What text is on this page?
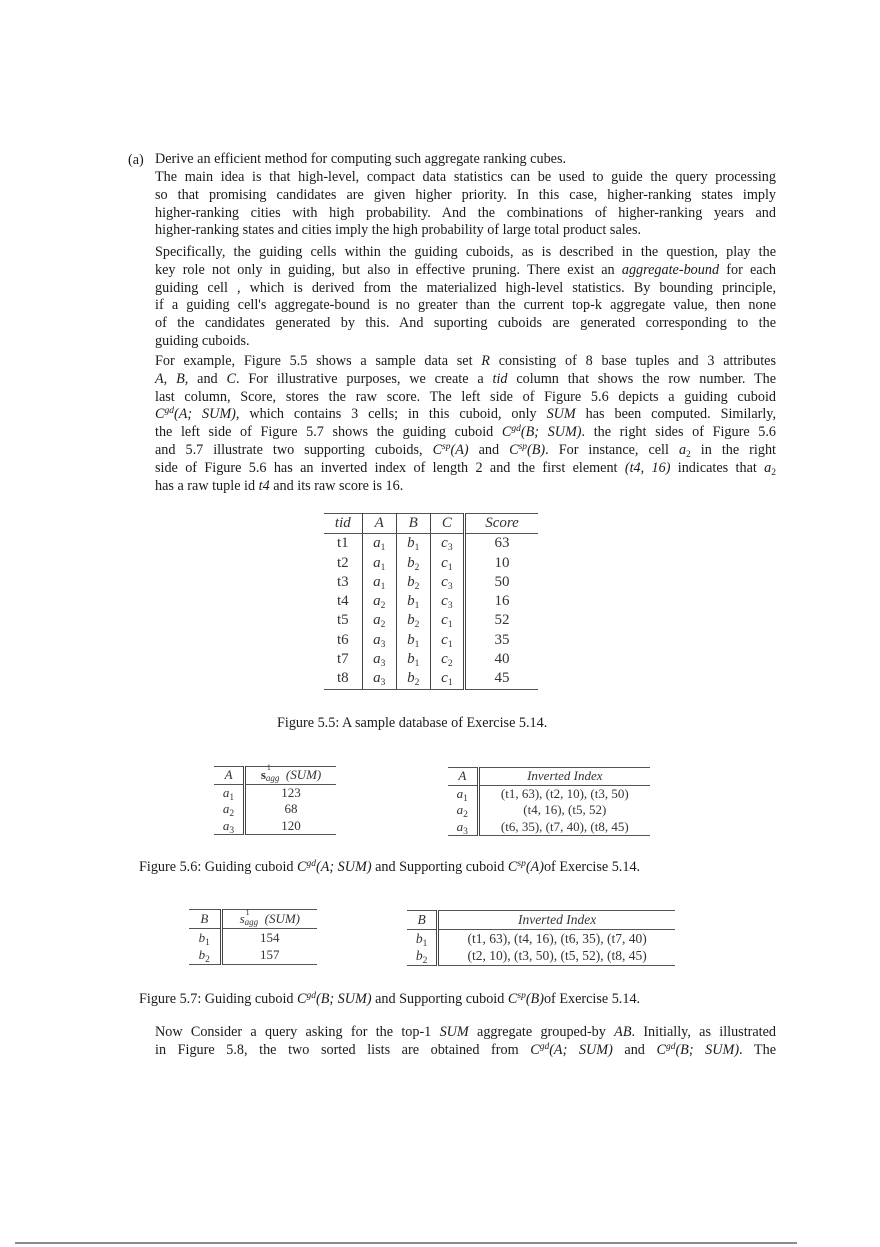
(a) Derive an efficient method for computing such aggregate ranking cubes.
The main idea is that high-level, compact data statistics can be used to guide the query processing
so that promising candidates are given higher priority. In this case, higher-ranking states imply
higher-ranking cities with high probability. And the combinations of higher-ranking years and
higher-ranking states and cities imply the high probability of large total product sales.
Specifically, the guiding cells within the guiding cuboids, as is described in the question, play the
key role not only in guiding, but also in effective pruning. There exist an aggregate-bound for each
guiding cell , which is derived from the materialized high-level statistics. By bounding principle,
if a guiding cell's aggregate-bound is no greater than the current top-k aggregate value, then none
of the candidates generated by this. And suporting cuboids are generated corresponding to the
guiding cuboids.
For example, Figure 5.5 shows a sample data set R consisting of 8 base tuples and 3 attributes
A, B, and C. For illustrative purposes, we create a tid column that shows the row number. The
last column, Score, stores the raw score. The left side of Figure 5.6 depicts a guiding cuboid
$C^{gd}(A$; SUM), which contains 3 cells; in this cuboid, only SUM has been computed. Similarly,
the left side of Figure 5.7 shows the guiding cuboid $C^{gd}(B$; SUM). the right sides of Figure 5.6
and 5.7 illustrate two supporting cuboids, $C^{sp}(A)$ and $C^{sp}(B)$. For instance, cell $a_2$ in the right
side of Figure 5.6 has an inverted index of length 2 and the first element (t4, 16) indicates that $a_2$
has a raw tuple id t4 and its raw score is 16.
tid	A	B	C	Score
t1	$a_1$	$b_1$	$c_3$	63
t2	$a_1$	$b_2$	$c_1$	10
t3	$a_1$	$b_2$	$c_3$	50
t4	$a_2$	$b_1$	$c_3$	16
t5	$a_2$	$b_2$	$c_1$	52
t6	$a_3$	$b_1$	$c_1$	35
t7	$a_3$	$b_1$	$c_2$	40
t8	$a_3$	$b_2$	$c_1$	45
Figure 5.5: A sample database of Exercise 5.14.
A	s 1
agg (SUM)
$a_1$	123
$a_2$	68
$a_3$	120
A	Inverted Index
$a_1$	(t1, 63), (t2, 10), (t3, 50)
$a_2$	(t4, 16), (t5, 52)
$a_3$	(t6, 35), (t7, 40), (t8, 45)
Figure 5.6: Guiding cuboid $C^{gd}(A$; SUM) and Supporting cuboid $C^{sp}(A)of$ Exercise 5.14.
B	s 1
agg (SUM)
$b_1$	154
$b_2$	157
B	Inverted Index
$b_1$	(t1, 63), (t4, 16), (t6, 35), (t7, 40)
$b_2$	(t2, 10), (t3, 50), (t5, 52), (t8, 45)
Figure 5.7: Guiding cuboid $C^{gd}(B$; SUM) and Supporting cuboid $C^{sp}(B)of$ Exercise 5.14.
Now Consider a query asking for the top-1 SUM aggregate grouped-by AB. Initially, as illustrated
in Figure 5.8, the two sorted lists are obtained from $C^{gd}(A$; SUM) and $C^{gd}(B$; SUM). The
